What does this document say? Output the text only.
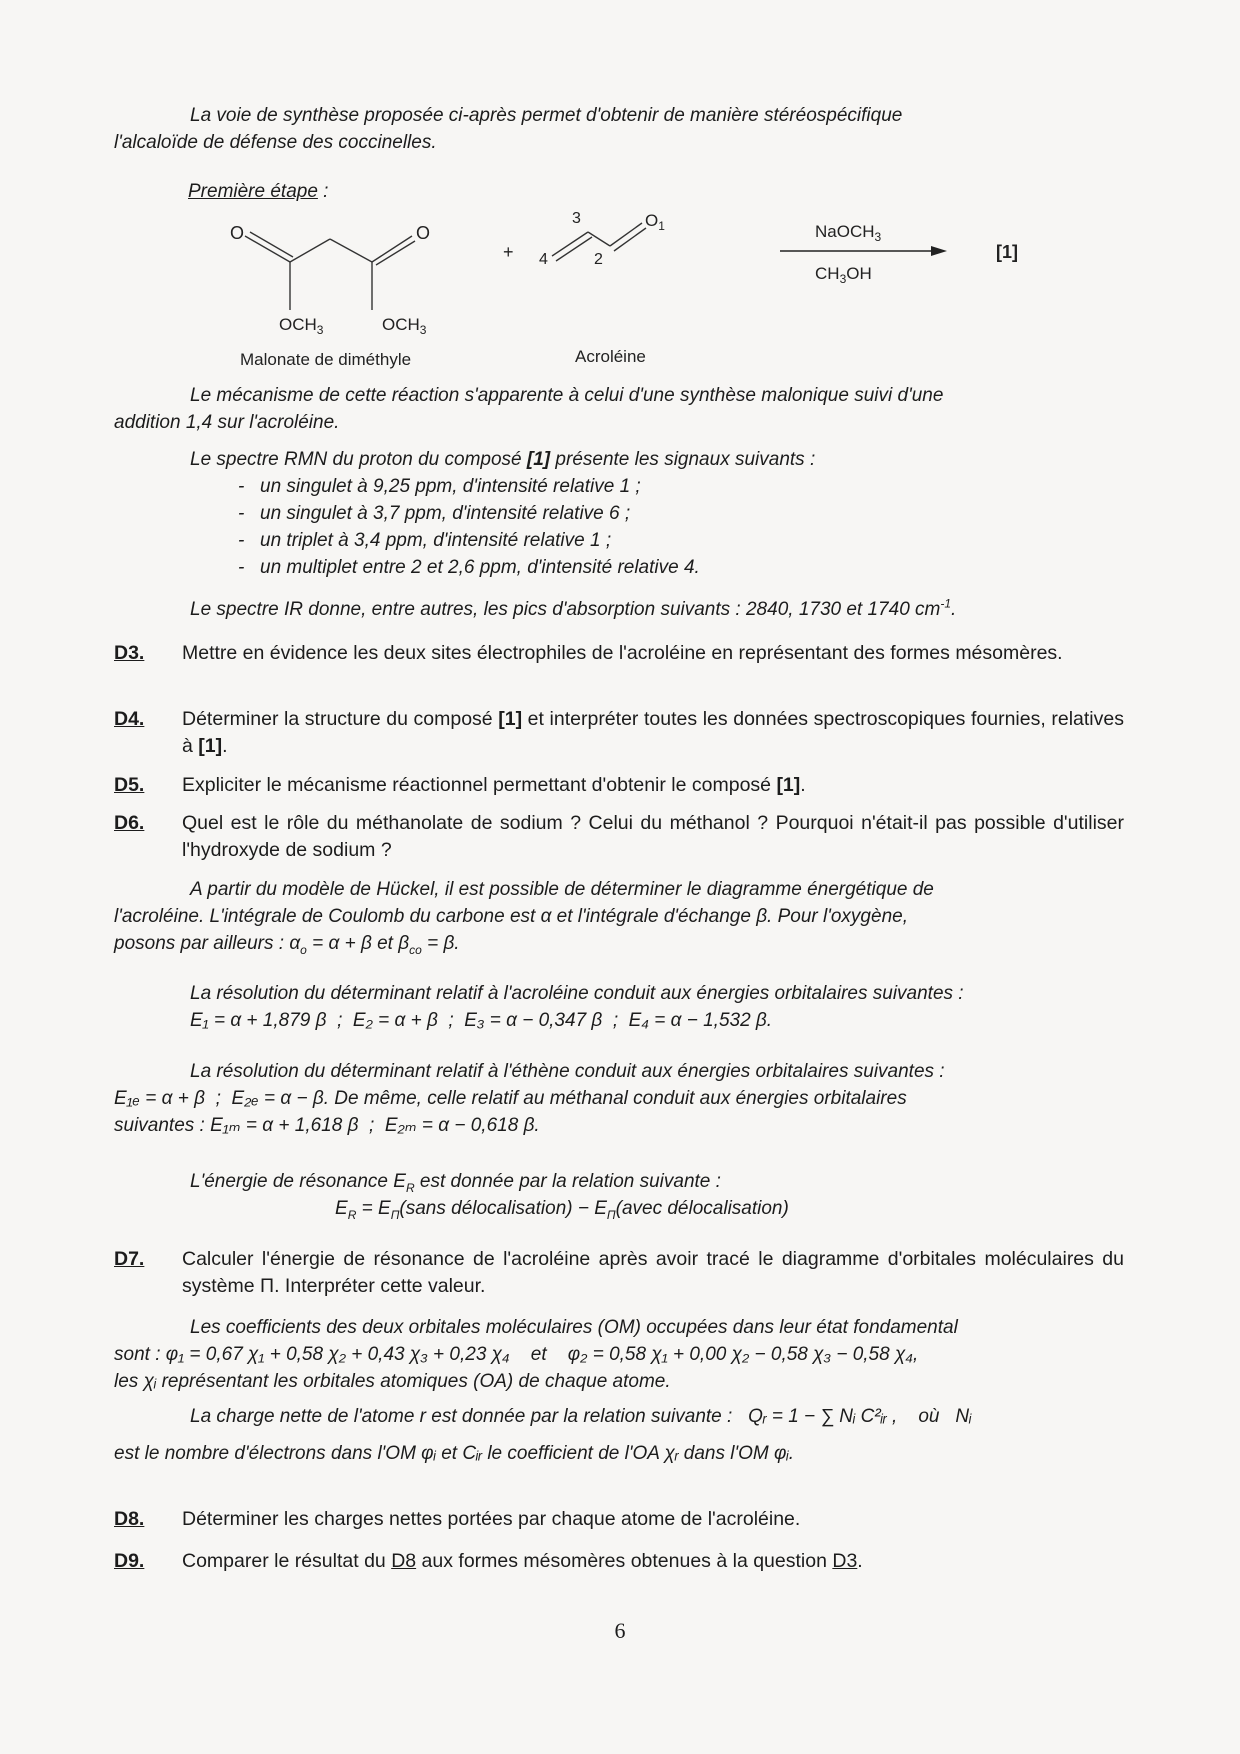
La voie de synthèse proposée ci-après permet d'obtenir de manière stéréospécifique

l'alcaloïde de défense des coccinelles.

Première étape :
O	O
$OCH_3$	$OCH_3$
Malonate de diméthyle
+
3
4	2
$O_1$
Acroléine
NaOCH$_3$
$CH_3OH$
[1]

Le mécanisme de cette réaction s'apparente à celui d'une synthèse malonique suivi d'une

addition 1,4 sur l'acroléine.

Le spectre RMN du proton du composé [1] présente les signaux suivants :

- un singulet à 9,25 ppm, d'intensité relative 1 ;
- un singulet à 3,7 ppm, d'intensité relative 6 ;
- un triplet à 3,4 ppm, d'intensité relative 1 ;
- un multiplet entre 2 et 2,6 ppm, d'intensité relative 4.
Le spectre IR donne, entre autres, les pics d'absorption suivants : 2840, 1730 et 1740 $cm^{-1}$.
D3. Mettre en évidence les deux sites électrophiles de l'acroléine en représentant des formes mésomères.

D4. Déterminer la structure du composé [1] et interpréter toutes les données spectroscopiques fournies, relatives à [1].

D5. Expliciter le mécanisme réactionnel permettant d'obtenir le composé [1].

D6. Quel est le rôle du méthanolate de sodium ? Celui du méthanol ? Pourquoi n'était-il pas possible d'utiliser l'hydroxyde de sodium ?

A partir du modèle de Hückel, il est possible de déterminer le diagramme énergétique de

l'acroléine. L'intégrale de Coulomb du carbone est α et l'intégrale d'échange β. Pour l'oxygène,

posons par ailleurs : $\alpha_o = \alpha + \beta$ et $\beta_{co} = \beta$.

La résolution du déterminant relatif à l'acroléine conduit aux énergies orbitalaires suivantes :

E₁ = α + 1,879 β ; E₂ = α + β ; E₃ = α − 0,347 β ; E₄ = α − 1,532 β.

La résolution du déterminant relatif à l'éthène conduit aux énergies orbitalaires suivantes :

E₁ₑ = α + β ; E₂ₑ = α − β. De même, celle relatif au méthanal conduit aux énergies orbitalaires

suivantes : E₁ₘ = α + 1,618 β ; E₂ₘ = α − 0,618 β.

L'énergie de résonance $E_R$ est donnée par la relation suivante :

$E_R$ = $E_\Pi(sans$ délocalisation) − $E_\Pi(avec$ délocalisation)

D7. Calculer l'énergie de résonance de l'acroléine après avoir tracé le diagramme d'orbitales moléculaires du système Π. Interpréter cette valeur.

Les coefficients des deux orbitales moléculaires (OM) occupées dans leur état fondamental

sont : φ₁ = 0,67 χ₁ + 0,58 χ₂ + 0,43 χ₃ + 0,23 χ₄ et φ₂ = 0,58 χ₁ + 0,00 χ₂ − 0,58 χ₃ − 0,58 χ₄,

les χᵢ représentant les orbitales atomiques (OA) de chaque atome.

La charge nette de l'atome r est donnée par la relation suivante : Qᵣ = 1 − ∑ Nᵢ C²ᵢᵣ , où Nᵢ

est le nombre d'électrons dans l'OM φᵢ et Cᵢᵣ le coefficient de l'OA χᵣ dans l'OM φᵢ.

D8. Déterminer les charges nettes portées par chaque atome de l'acroléine.

D9. Comparer le résultat du D8 aux formes mésomères obtenues à la question D3.

6
